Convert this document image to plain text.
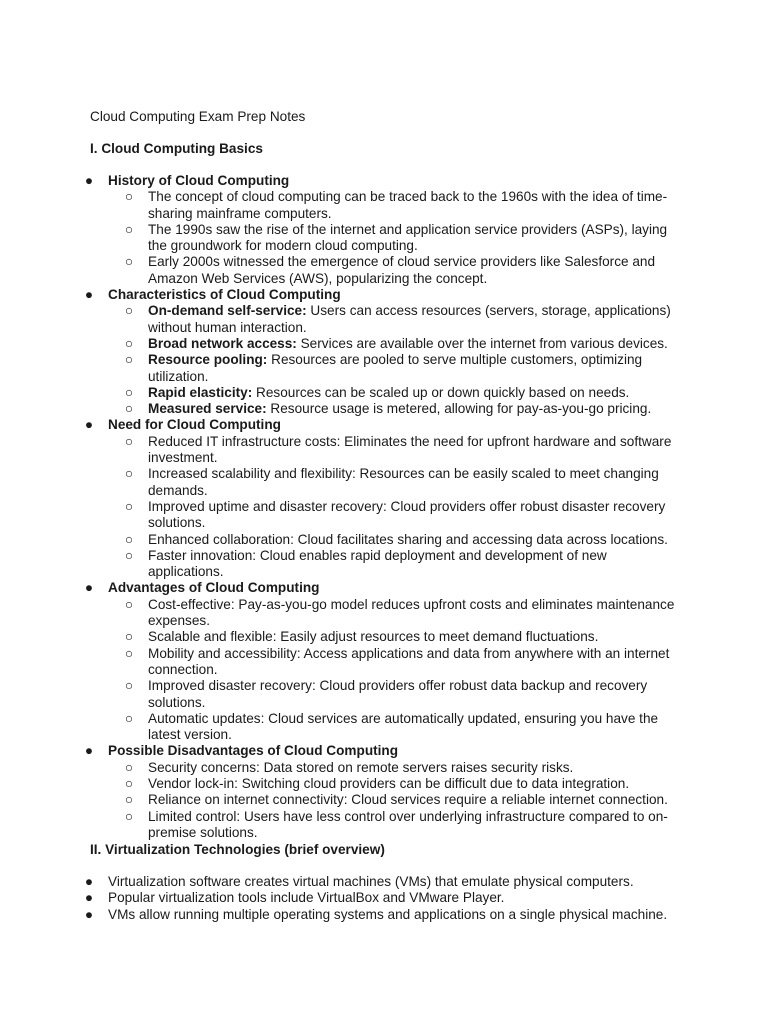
Cloud Computing Exam Prep Notes

I. Cloud Computing Basics

● History of Cloud Computing
○ The concept of cloud computing can be traced back to the 1960s with the idea of time-sharing mainframe computers.
○ The 1990s saw the rise of the internet and application service providers (ASPs), laying the groundwork for modern cloud computing.
○ Early 2000s witnessed the emergence of cloud service providers like Salesforce and Amazon Web Services (AWS), popularizing the concept.
● Characteristics of Cloud Computing
○ On-demand self-service: Users can access resources (servers, storage, applications) without human interaction.
○ Broad network access: Services are available over the internet from various devices.
○ Resource pooling: Resources are pooled to serve multiple customers, optimizing utilization.
○ Rapid elasticity: Resources can be scaled up or down quickly based on needs.
○ Measured service: Resource usage is metered, allowing for pay-as-you-go pricing.
● Need for Cloud Computing
○ Reduced IT infrastructure costs: Eliminates the need for upfront hardware and software investment.
○ Increased scalability and flexibility: Resources can be easily scaled to meet changing demands.
○ Improved uptime and disaster recovery: Cloud providers offer robust disaster recovery solutions.
○ Enhanced collaboration: Cloud facilitates sharing and accessing data across locations.
○ Faster innovation: Cloud enables rapid deployment and development of new applications.
● Advantages of Cloud Computing
○ Cost-effective: Pay-as-you-go model reduces upfront costs and eliminates maintenance expenses.
○ Scalable and flexible: Easily adjust resources to meet demand fluctuations.
○ Mobility and accessibility: Access applications and data from anywhere with an internet connection.
○ Improved disaster recovery: Cloud providers offer robust data backup and recovery solutions.
○ Automatic updates: Cloud services are automatically updated, ensuring you have the latest version.
● Possible Disadvantages of Cloud Computing
○ Security concerns: Data stored on remote servers raises security risks.
○ Vendor lock-in: Switching cloud providers can be difficult due to data integration.
○ Reliance on internet connectivity: Cloud services require a reliable internet connection.
○ Limited control: Users have less control over underlying infrastructure compared to on-premise solutions.

II. Virtualization Technologies (brief overview)

● Virtualization software creates virtual machines (VMs) that emulate physical computers.
● Popular virtualization tools include VirtualBox and VMware Player.
● VMs allow running multiple operating systems and applications on a single physical machine.
